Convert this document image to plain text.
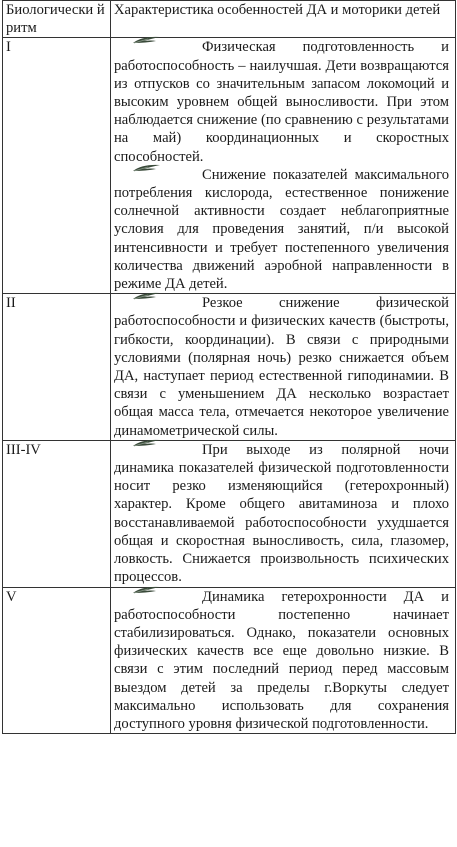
Биологически й ритм	Характеристика особенностей ДА и моторики детей
I	Физическая подготовленность и работоспособность – наилучшая. Дети возвращаются из отпусков со значительным запасом локомоций и высоким уровнем общей выносливости. При этом наблюдается снижение (по сравнению с результатами на май) координационных и скоростных способностей.

Снижение показателей максимального потребления кислорода, естественное понижение солнечной активности создает неблагоприятные условия для проведения занятий, п/и высокой интенсивности и требует постепенного увеличения количества движений аэробной направленности в режиме ДА детей.

II	Резкое снижение физической работоспособности и физических качеств (быстроты, гибкости, координации). В связи с природными условиями (полярная ночь) резко снижается объем ДА, наступает период естественной гиподинамии. В связи с уменьшением ДА несколько возрастает общая масса тела, отмечается некоторое увеличение динамометрической силы.

III-IV	При выходе из полярной ночи динамика показателей физической подготовленности носит резко изменяющийся (гетерохронный) характер. Кроме общего авитаминоза и плохо восстанавливаемой работоспособности ухудшается общая и скоростная выносливость, сила, глазомер, ловкость. Снижается произвольность психических процессов.

V	Динамика гетерохронности ДА и работоспособности постепенно начинает стабилизироваться. Однако, показатели основных физических качеств все еще довольно низкие. В связи с этим последний период перед массовым выездом детей за пределы г.Воркуты следует максимально использовать для сохранения доступного уровня физической подготовленности.
